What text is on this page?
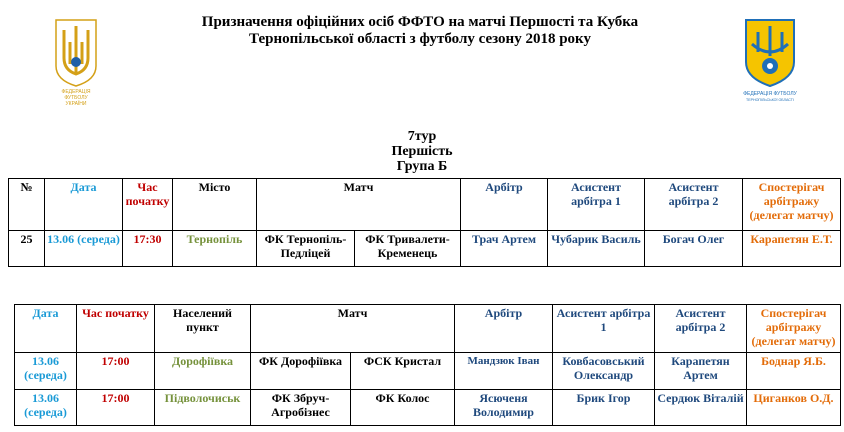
ФЕДЕРАЦІЯ
ФУТБОЛУ
УКРАЇНИ
ФЕДЕРАЦІЯ ФУТБОЛУ
ТЕРНОПІЛЬСЬКОЇ ОБЛАСТІ
Призначення офіційних осіб ФФТО на матчі Першості та Кубка
Тернопільської області з футболу сезону 2018 року
7тур
Першість
Група Б
№	Дата	Час початку	Місто	Матч		Арбітр	Асистент арбітра 1	Асистент арбітра 2	Спостерігач арбітражу (делегат матчу)
25	13.06 (середа)	17:30	Тернопіль	ФК Тернопіль-Педліцей	ФК Тривалети-Кременець	Трач Артем	Чубарик Василь	Богач Олег	Карапетян Е.Т.
Дата	Час початку	Населений пункт	Матч		Арбітр	Асистент арбітра 1	Асистент арбітра 2	Спостерігач арбітражу (делегат матчу)
13.06 (середа)	17:00	Дорофіївка	ФК Дорофіївка	ФСК Кристал	Мандзюк Іван	Ковбасовський Олександр	Карапетян Артем	Боднар Я.Б.
13.06 (середа)	17:00	Підволочиськ	ФК Збруч-Агробізнес	ФК Колос	Ясюченя Володимир	Брик Ігор	Сердюк Віталій	Циганков О.Д.
